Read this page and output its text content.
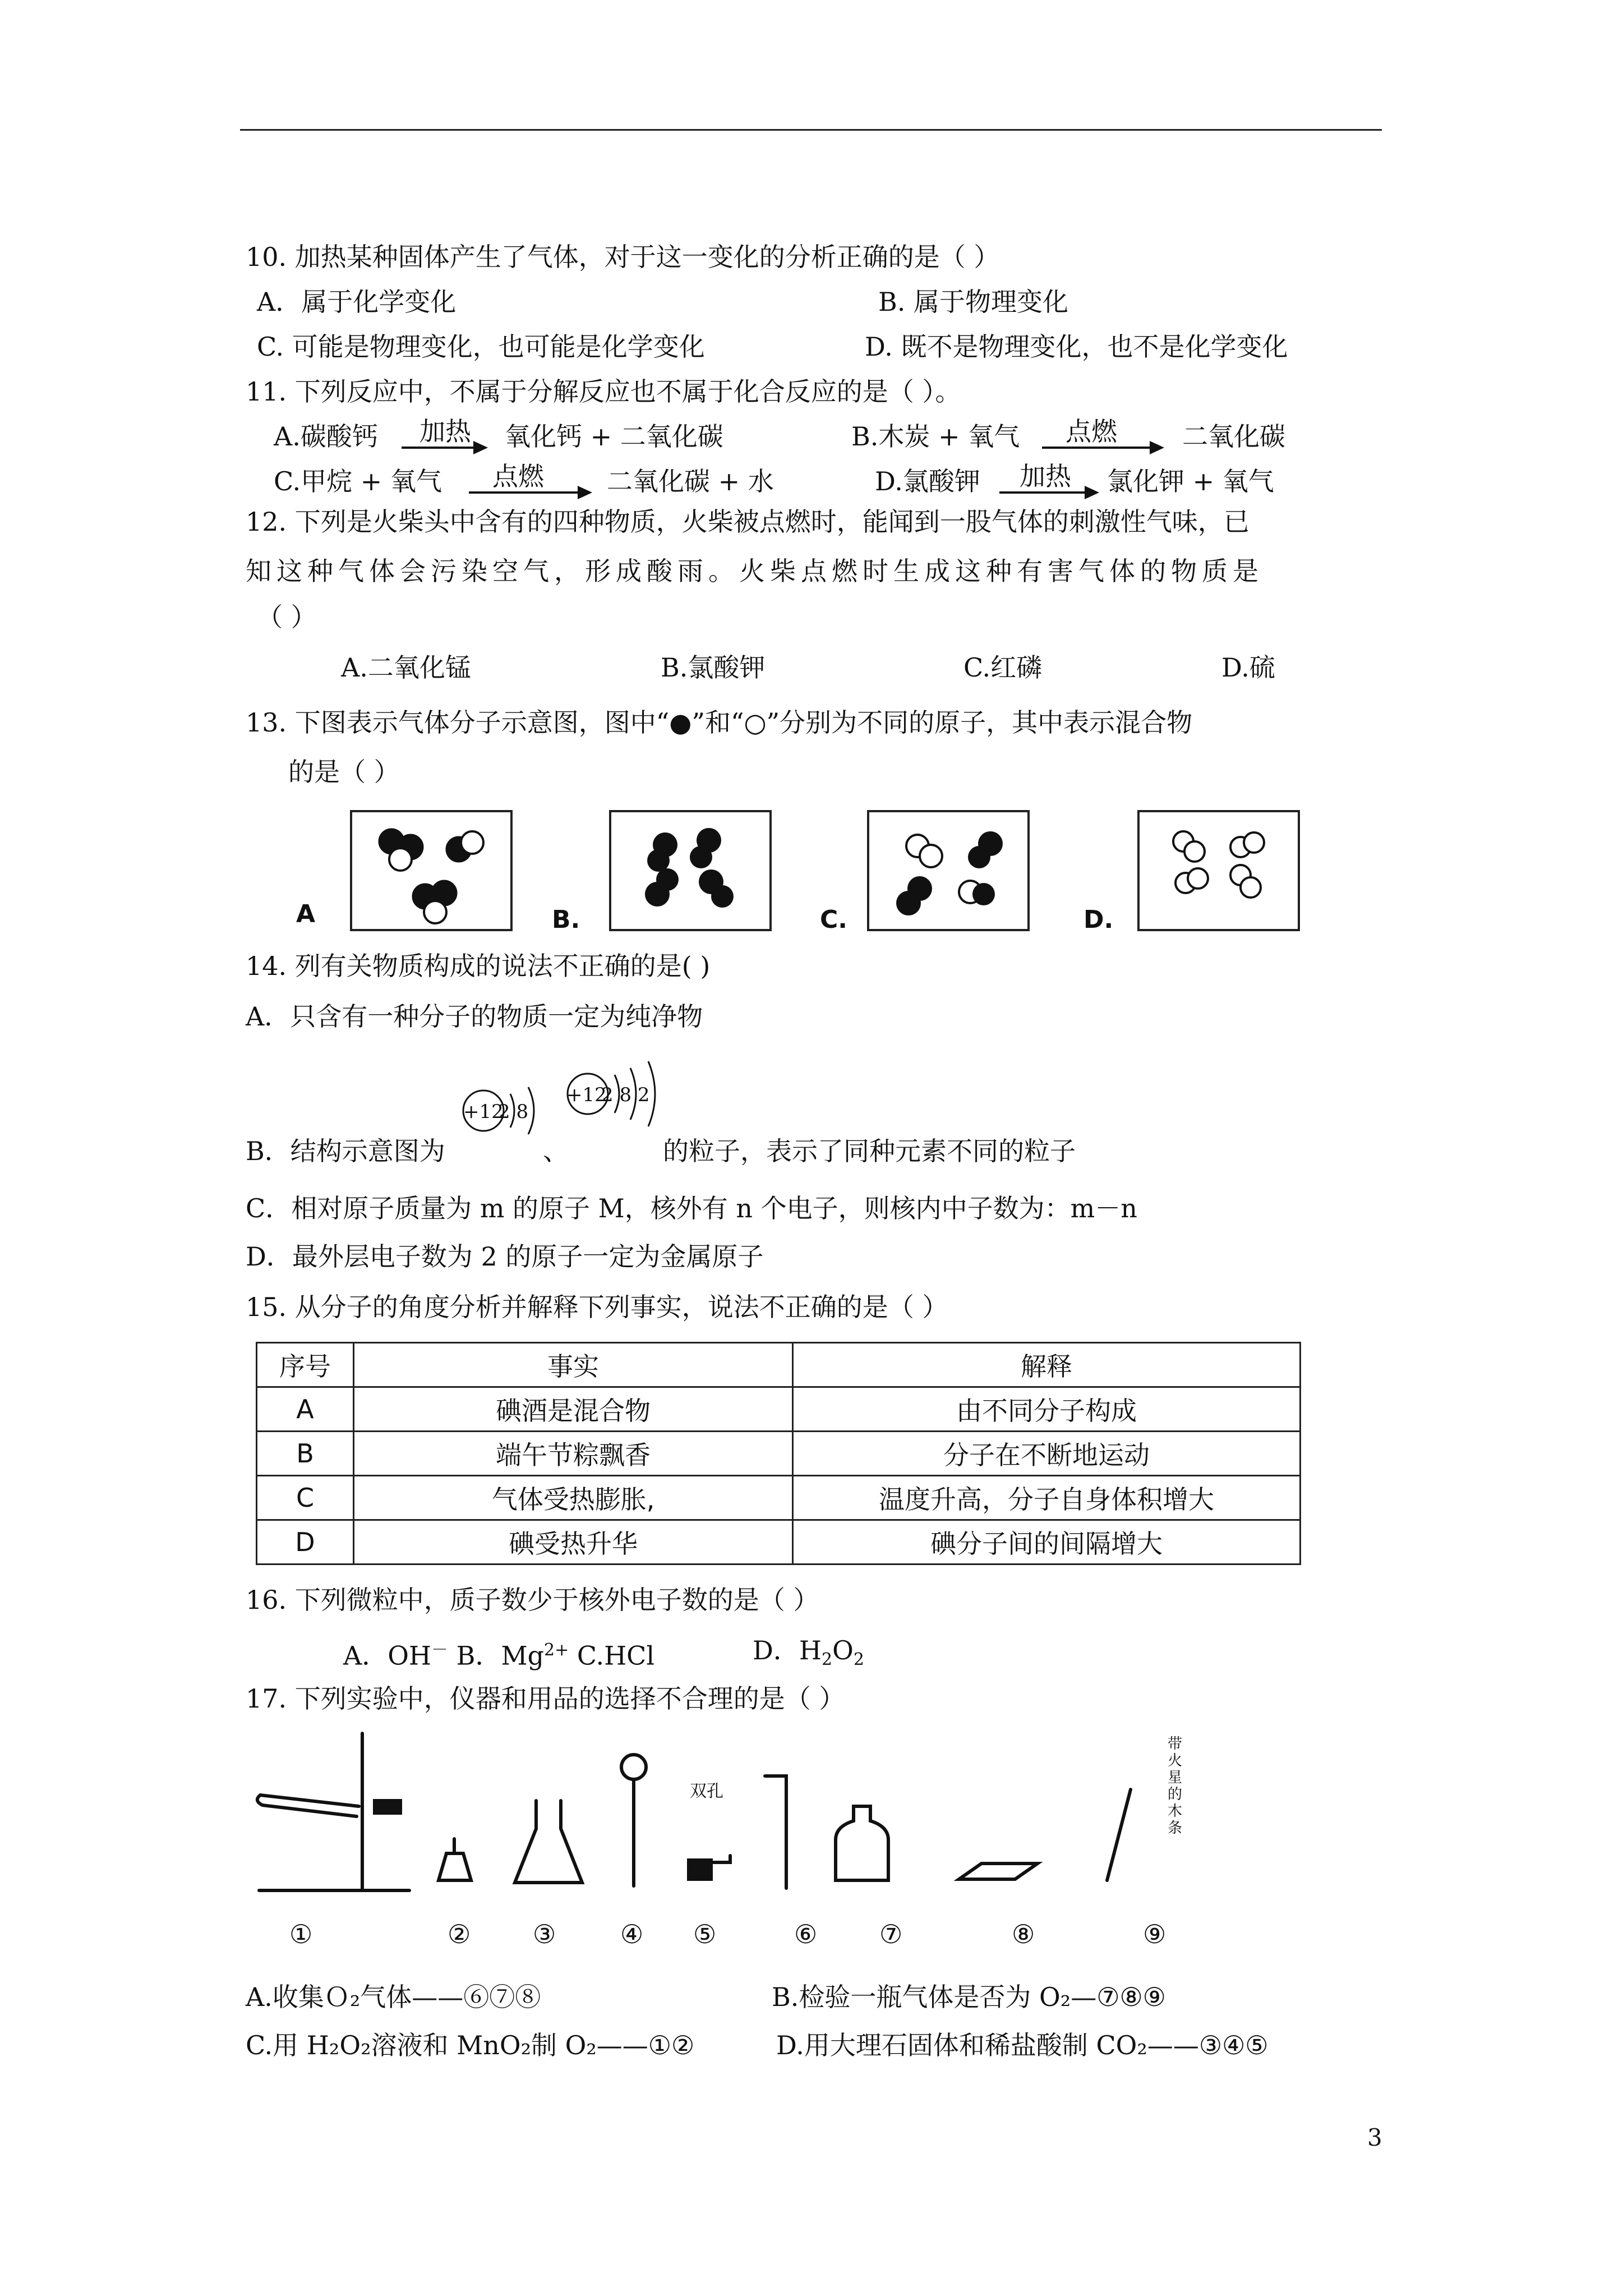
10. 加热某种固体产生了气体，对于这一变化的分析正确的是（ ）
A．属于化学变化	B. 属于物理变化
C. 可能是物理变化，也可能是化学变化	D. 既不是物理变化，也不是化学变化
11. 下列反应中，不属于分解反应也不属于化合反应的是（ ）。
A.碳酸钙 加热 氧化钙 + 二氧化碳	B.木炭 + 氧气 点燃	二氧化碳
C.甲烷 + 氧气 点燃 二氧化碳 + 水	D.氯酸钾 加热 氯化钾 + 氧气
12. 下列是火柴头中含有的四种物质，火柴被点燃时，能闻到一股气体的刺激性气味，已
知这种气体会污染空气，形成酸雨。火柴点燃时生成这种有害气体的物质是
（ ）
A.二氧化锰	B.氯酸钾	C.红磷	D.硫
13. 下图表示气体分子示意图，图中“●”和“○”分别为不同的原子，其中表示混合物
的是（ ）
A	B.	C.	D.
14. 列有关物质构成的说法不正确的是( )
A．只含有一种分子的物质一定为纯净物
B．结构示意图为	、	的粒子，表示了同种元素不同的粒子
+12
2 8
+12
2 8 2
C．相对原子质量为 m 的原子 M，核外有 n 个电子，则核内中子数为：m－n
D．最外层电子数为 2 的原子一定为金属原子
15. 从分子的角度分析并解释下列事实，说法不正确的是（ ）
序号	事实	解释
A	碘酒是混合物	由不同分子构成
B	端午节粽飘香	分子在不断地运动
C	气体受热膨胀,	温度升高，分子自身体积增大
D	碘受热升华	碘分子间的间隔增大
16. 下列微粒中，质子数少于核外电子数的是（ ）
A．OH－ B．$Mg^{2+}$ C.HCl	D．$H_2O_2$
17. 下列实验中，仪器和用品的选择不合理的是（ ）
双孔
带火星的木条
①	② ③ ④ ⑤	⑥ ⑦	⑧	⑨
A.收集Ｏ₂气体——⑥⑦⑧	B.检验一瓶气体是否为 O₂—⑦⑧⑨
C.用 H₂O₂溶液和 MnO₂制 O₂——①②	D.用大理石固体和稀盐酸制 CO₂——③④⑤
3
